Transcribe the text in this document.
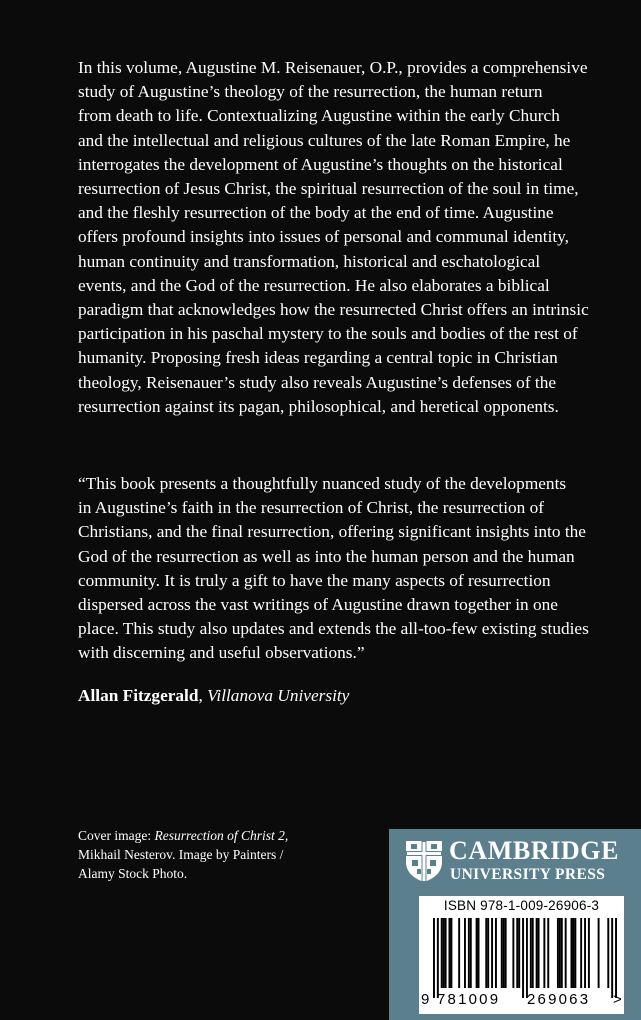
In this volume, Augustine M. Reisenauer, O.P., provides a comprehensive
study of Augustine’s theology of the resurrection, the human return
from death to life. Contextualizing Augustine within the early Church
and the intellectual and religious cultures of the late Roman Empire, he
interrogates the development of Augustine’s thoughts on the historical
resurrection of Jesus Christ, the spiritual resurrection of the soul in time,
and the fleshly resurrection of the body at the end of time. Augustine
offers profound insights into issues of personal and communal identity,
human continuity and transformation, historical and eschatological
events, and the God of the resurrection. He also elaborates a biblical
paradigm that acknowledges how the resurrected Christ offers an intrinsic
participation in his paschal mystery to the souls and bodies of the rest of
humanity. Proposing fresh ideas regarding a central topic in Christian
theology, Reisenauer’s study also reveals Augustine’s defenses of the
resurrection against its pagan, philosophical, and heretical opponents.
“This book presents a thoughtfully nuanced study of the developments
in Augustine’s faith in the resurrection of Christ, the resurrection of
Christians, and the final resurrection, offering significant insights into the
God of the resurrection as well as into the human person and the human
community. It is truly a gift to have the many aspects of resurrection
dispersed across the vast writings of Augustine drawn together in one
place. This study also updates and extends the all-too-few existing studies
with discerning and useful observations.”
Allan Fitzgerald, Villanova University
Cover image: Resurrection of Christ 2,
Mikhail Nesterov. Image by Painters /
Alamy Stock Photo.
CAMBRIDGE
UNIVERSITY PRESS
ISBN 978-1-009-26906-3
9 781009 269063 >
